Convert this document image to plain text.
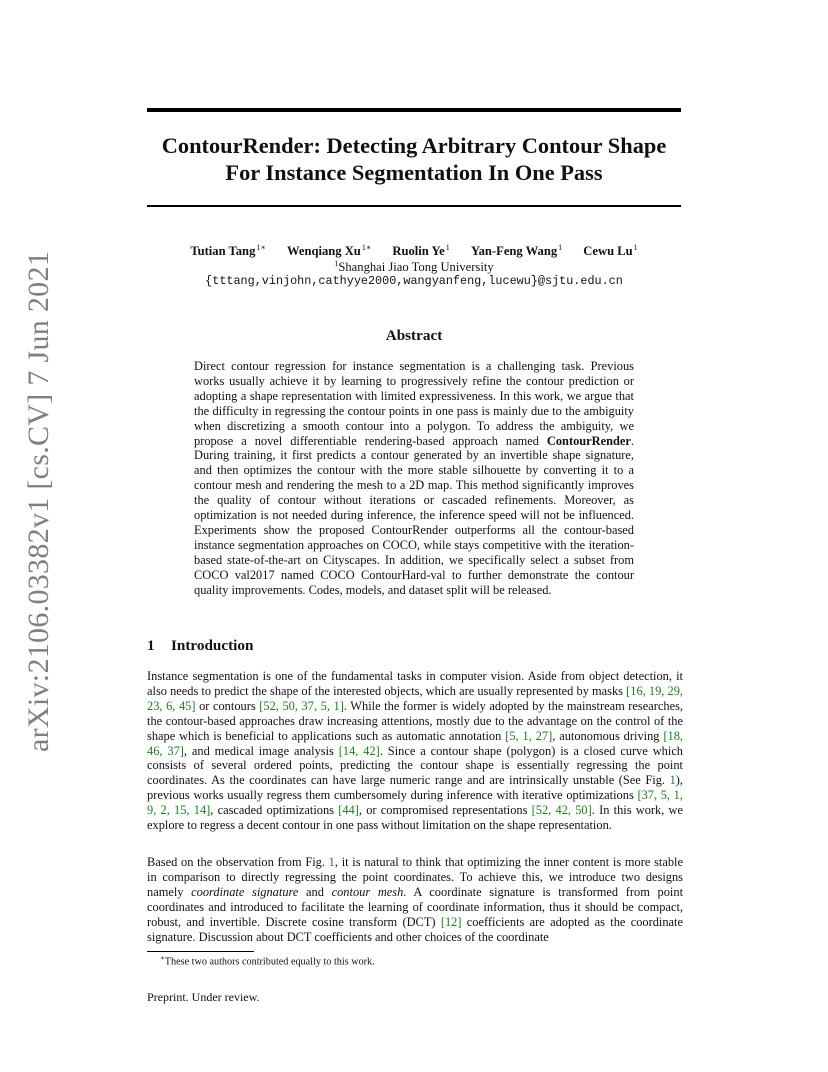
ContourRender: Detecting Arbitrary Contour Shape
For Instance Segmentation In One Pass
Tutian Tang$^{1∗}$ Wenqiang $Xu^{1∗}$ Ruolin Ye$^1$ Yan-Feng Wang$^1$ Cewu Lu$^1$
$^1$Shanghai Jiao Tong University
{tttang,vinjohn,cathyye2000,wangyanfeng,lucewu}@sjtu.edu.cn
arXiv:2106.03382v1 [cs.CV] 7 Jun 2021	Abstract

Direct contour regression for instance segmentation is a challenging task. Previous works usually achieve it by learning to progressively refine the contour prediction or adopting a shape representation with limited expressiveness. In this work, we argue that the difficulty in regressing the contour points in one pass is mainly due to the ambiguity when discretizing a smooth contour into a polygon. To address the ambiguity, we propose a novel differentiable rendering-based approach named ContourRender. During training, it first predicts a contour generated by an invertible shape signature, and then optimizes the contour with the more stable silhouette by converting it to a contour mesh and rendering the mesh to a 2D map. This method significantly improves the quality of contour without iterations or cascaded refinements. Moreover, as optimization is not needed during inference, the inference speed will not be influenced. Experiments show the proposed ContourRender outperforms all the contour-based instance segmentation approaches on COCO, while stays competitive with the iteration-based state-of-the-art on Cityscapes. In addition, we specifically select a subset from COCO val2017 named COCO ContourHard-val to further demonstrate the contour quality improvements. Codes, models, and dataset split will be released.

1 Introduction

Instance segmentation is one of the fundamental tasks in computer vision. Aside from object detection, it also needs to predict the shape of the interested objects, which are usually represented by masks [16, 19, 29, 23, 6, 45] or contours [52, 50, 37, 5, 1]. While the former is widely adopted by the mainstream researches, the contour-based approaches draw increasing attentions, mostly due to the advantage on the control of the shape which is beneficial to applications such as automatic annotation [5, 1, 27], autonomous driving [18, 46, 37], and medical image analysis [14, 42]. Since a contour shape (polygon) is a closed curve which consists of several ordered points, predicting the contour shape is essentially regressing the point coordinates. As the coordinates can have large numeric range and are intrinsically unstable (See Fig. 1), previous works usually regress them cumbersomely during inference with iterative optimizations [37, 5, 1, 9, 2, 15, 14], cascaded optimizations [44], or compromised representations [52, 42, 50]. In this work, we explore to regress a decent contour in one pass without limitation on the shape representation.

Based on the observation from Fig. 1, it is natural to think that optimizing the inner content is more stable in comparison to directly regressing the point coordinates. To achieve this, we introduce two designs namely coordinate signature and contour mesh. A coordinate signature is transformed from point coordinates and introduced to facilitate the learning of coordinate information, thus it should be compact, robust, and invertible. Discrete cosine transform (DCT) [12] coefficients are adopted as the coordinate signature. Discussion about DCT coefficients and other choices of the coordinate

∗These two authors contributed equally to this work.
Preprint. Under review.
